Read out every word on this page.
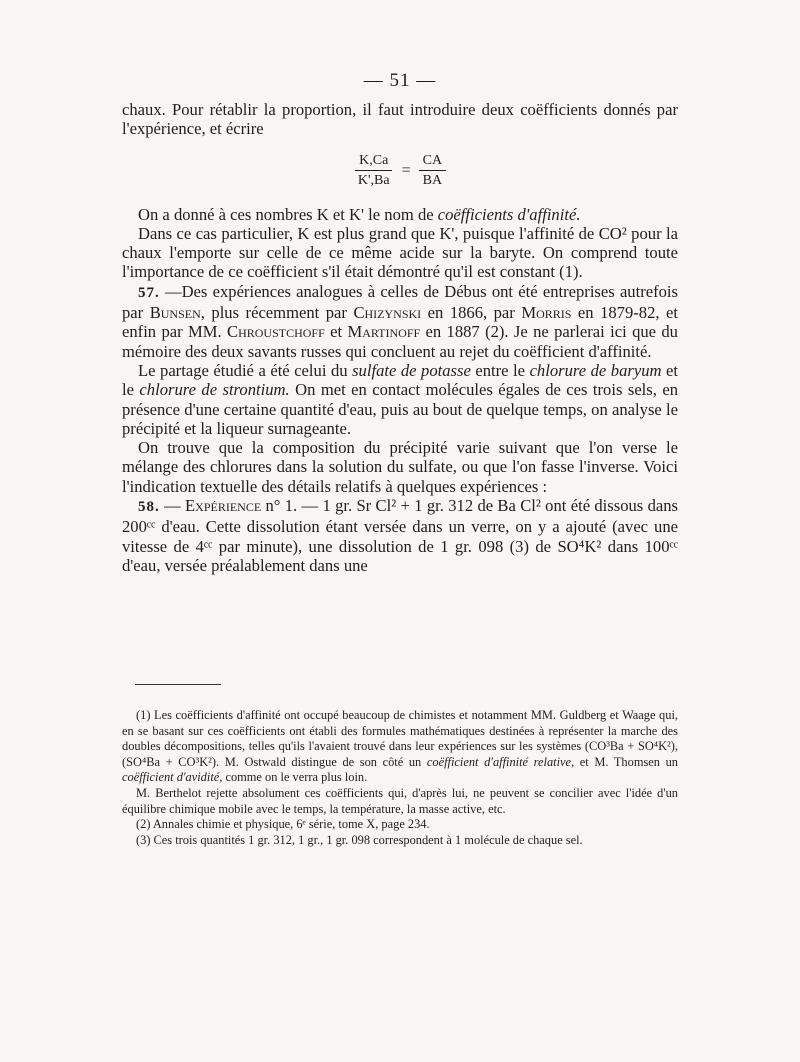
— 51 —

chaux. Pour rétablir la proportion, il faut introduire deux coëfficients donnés par l'expérience, et écrire

$\frac{K,Ca}{K',Ba} = \frac{CA}{BA}$

On a donné à ces nombres K et K' le nom de coëfficients d'affinité.

Dans ce cas particulier, K est plus grand que K', puisque l'affinité de CO² pour la chaux l'emporte sur celle de ce même acide sur la baryte. On comprend toute l'importance de ce coëfficient s'il était démontré qu'il est constant (1).

57. —Des expériences analogues à celles de Débus ont été entreprises autrefois par Bunsen, plus récemment par Chizynski en 1866, par Morris en 1879-82, et enfin par MM. Chroustchoff et Martinoff en 1887 (2). Je ne parlerai ici que du mémoire des deux savants russes qui concluent au rejet du coëfficient d'affinité.

Le partage étudié a été celui du sulfate de potasse entre le chlorure de baryum et le chlorure de strontium. On met en contact molécules égales de ces trois sels, en présence d'une certaine quantité d'eau, puis au bout de quelque temps, on analyse le précipité et la liqueur surnageante.

On trouve que la composition du précipité varie suivant que l'on verse le mélange des chlorures dans la solution du sulfate, ou que l'on fasse l'inverse. Voici l'indication textuelle des détails relatifs à quelques expériences :

58. — Expérience n° 1. — 1 gr. Sr Cl² + 1 gr. 312 de Ba Cl² ont été dissous dans 200ᶜᶜ d'eau. Cette dissolution étant versée dans un verre, on y a ajouté (avec une vitesse de 4ᶜᶜ par minute), une dissolution de 1 gr. 098 (3) de SO⁴K² dans 100ᶜᶜ d'eau, versée préalablement dans une

(1) Les coëfficients d'affinité ont occupé beaucoup de chimistes et notamment MM. Guldberg et Waage qui, en se basant sur ces coëfficients ont établi des formules mathématiques destinées à représenter la marche des doubles décompositions, telles qu'ils l'avaient trouvé dans leur expériences sur les systèmes (CO³Ba + SO⁴K²), (SO⁴Ba + CO³K²). M. Ostwald distingue de son côté un coëfficient d'affinité relative, et M. Thomsen un coëfficient d'avidité, comme on le verra plus loin.

M. Berthelot rejette absolument ces coëfficients qui, d'après lui, ne peuvent se concilier avec l'idée d'un équilibre chimique mobile avec le temps, la température, la masse active, etc.

(2) Annales chimie et physique, 6ᵉ série, tome X, page 234.

(3) Ces trois quantités 1 gr. 312, 1 gr., 1 gr. 098 correspondent à 1 molécule de chaque sel.
